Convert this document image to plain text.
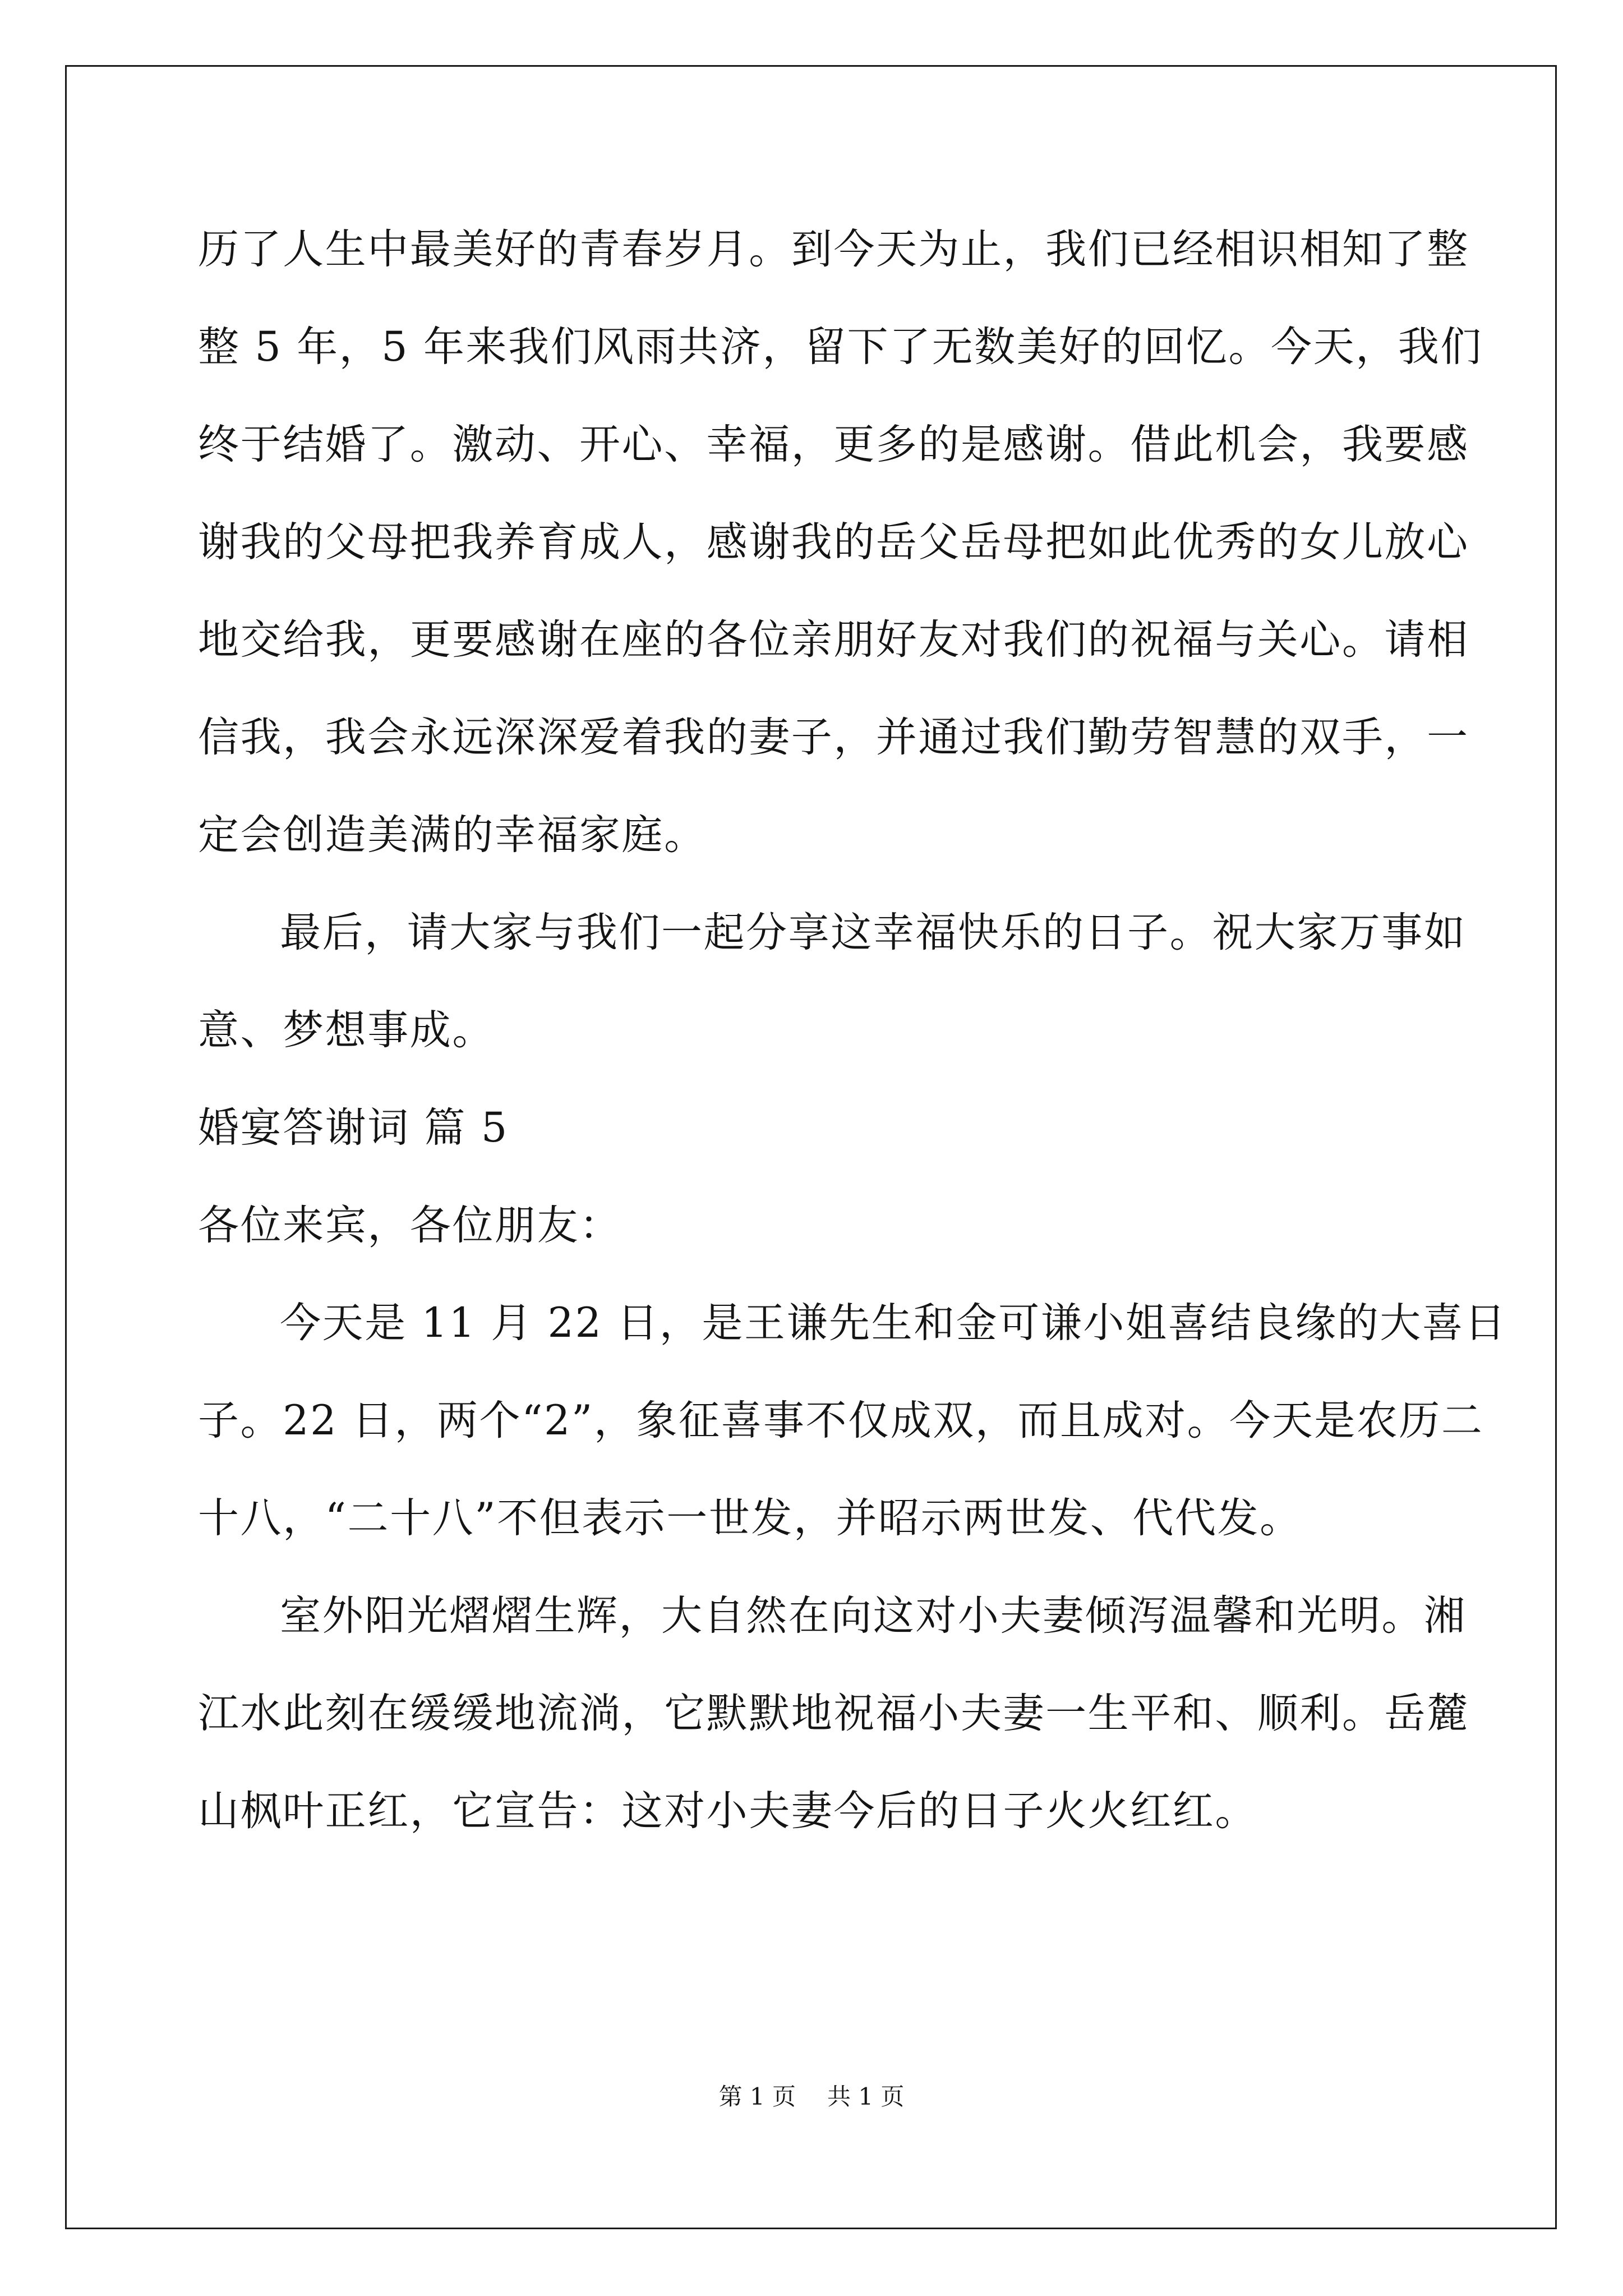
历了人生中最美好的青春岁月。到今天为止，我们已经相识相知了整
整 5 年，5 年来我们风雨共济，留下了无数美好的回忆。今天，我们
终于结婚了。激动、开心、幸福，更多的是感谢。借此机会，我要感
谢我的父母把我养育成人，感谢我的岳父岳母把如此优秀的女儿放心
地交给我，更要感谢在座的各位亲朋好友对我们的祝福与关心。请相
信我，我会永远深深爱着我的妻子，并通过我们勤劳智慧的双手，一
定会创造美满的幸福家庭。
最后，请大家与我们一起分享这幸福快乐的日子。祝大家万事如
意、梦想事成。
婚宴答谢词 篇 5
各位来宾，各位朋友：
今天是 11 月 22 日，是王谦先生和金可谦小姐喜结良缘的大喜日
子。22 日，两个“2”，象征喜事不仅成双，而且成对。今天是农历二
十八，“二十八”不但表示一世发，并昭示两世发、代代发。
室外阳光熠熠生辉，大自然在向这对小夫妻倾泻温馨和光明。湘
江水此刻在缓缓地流淌，它默默地祝福小夫妻一生平和、顺利。岳麓
山枫叶正红，它宣告：这对小夫妻今后的日子火火红红。
第 1 页 共 1 页
